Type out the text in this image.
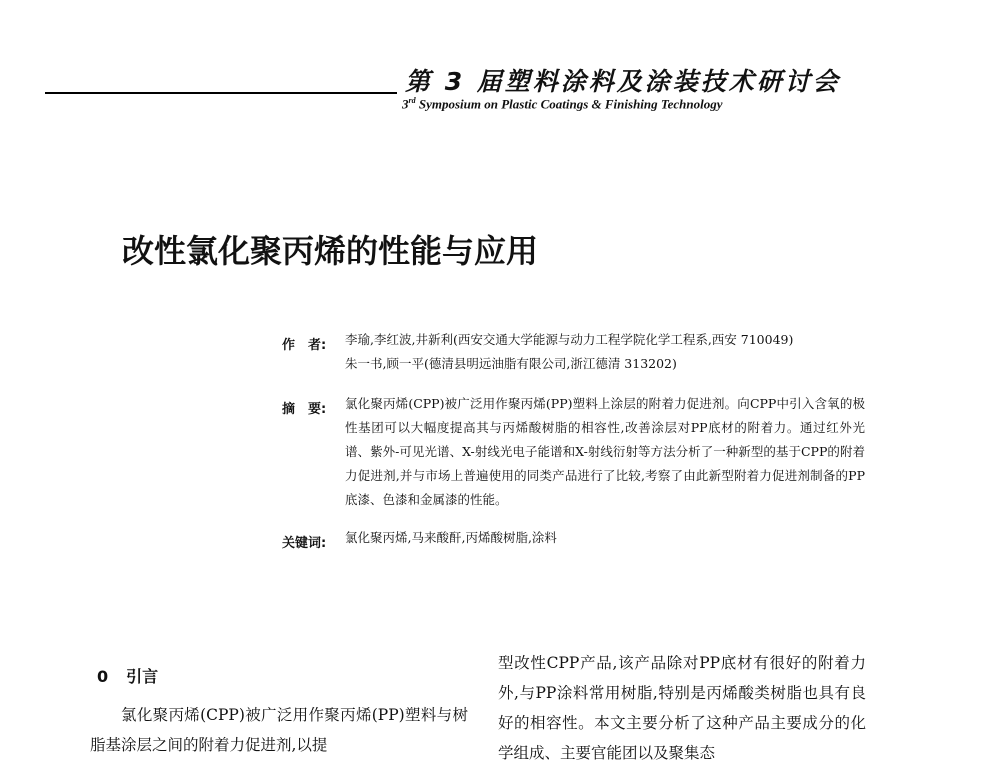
第 3 届塑料涂料及涂装技术研讨会
3rd Symposium on Plastic Coatings & Finishing Technology
改性氯化聚丙烯的性能与应用
作　者: 李瑜,李红波,井新利(西安交通大学能源与动力工程学院化学工程系,西安 710049)
朱一书,顾一平(德清县明远油脂有限公司,浙江德清 313202)
摘　要: 氯化聚丙烯(CPP)被广泛用作聚丙烯(PP)塑料上涂层的附着力促进剂。向CPP中引入含氧的极性基团可以大幅度提高其与丙烯酸树脂的相容性,改善涂层对PP底材的附着力。通过红外光谱、紫外-可见光谱、X-射线光电子能谱和X-射线衍射等方法分析了一种新型的基于CPP的附着力促进剂,并与市场上普遍使用的同类产品进行了比较,考察了由此新型附着力促进剂制备的PP底漆、色漆和金属漆的性能。
关键词: 氯化聚丙烯,马来酸酐,丙烯酸树脂,涂料
0 引言

氯化聚丙烯(CPP)被广泛用作聚丙烯(PP)塑料与树脂基涂层之间的附着力促进剂,以提

型改性CPP产品,该产品除对PP底材有很好的附着力外,与PP涂料常用树脂,特别是丙烯酸类树脂也具有良好的相容性。本文主要分析了这种产品主要成分的化学组成、主要官能团以及聚集态
